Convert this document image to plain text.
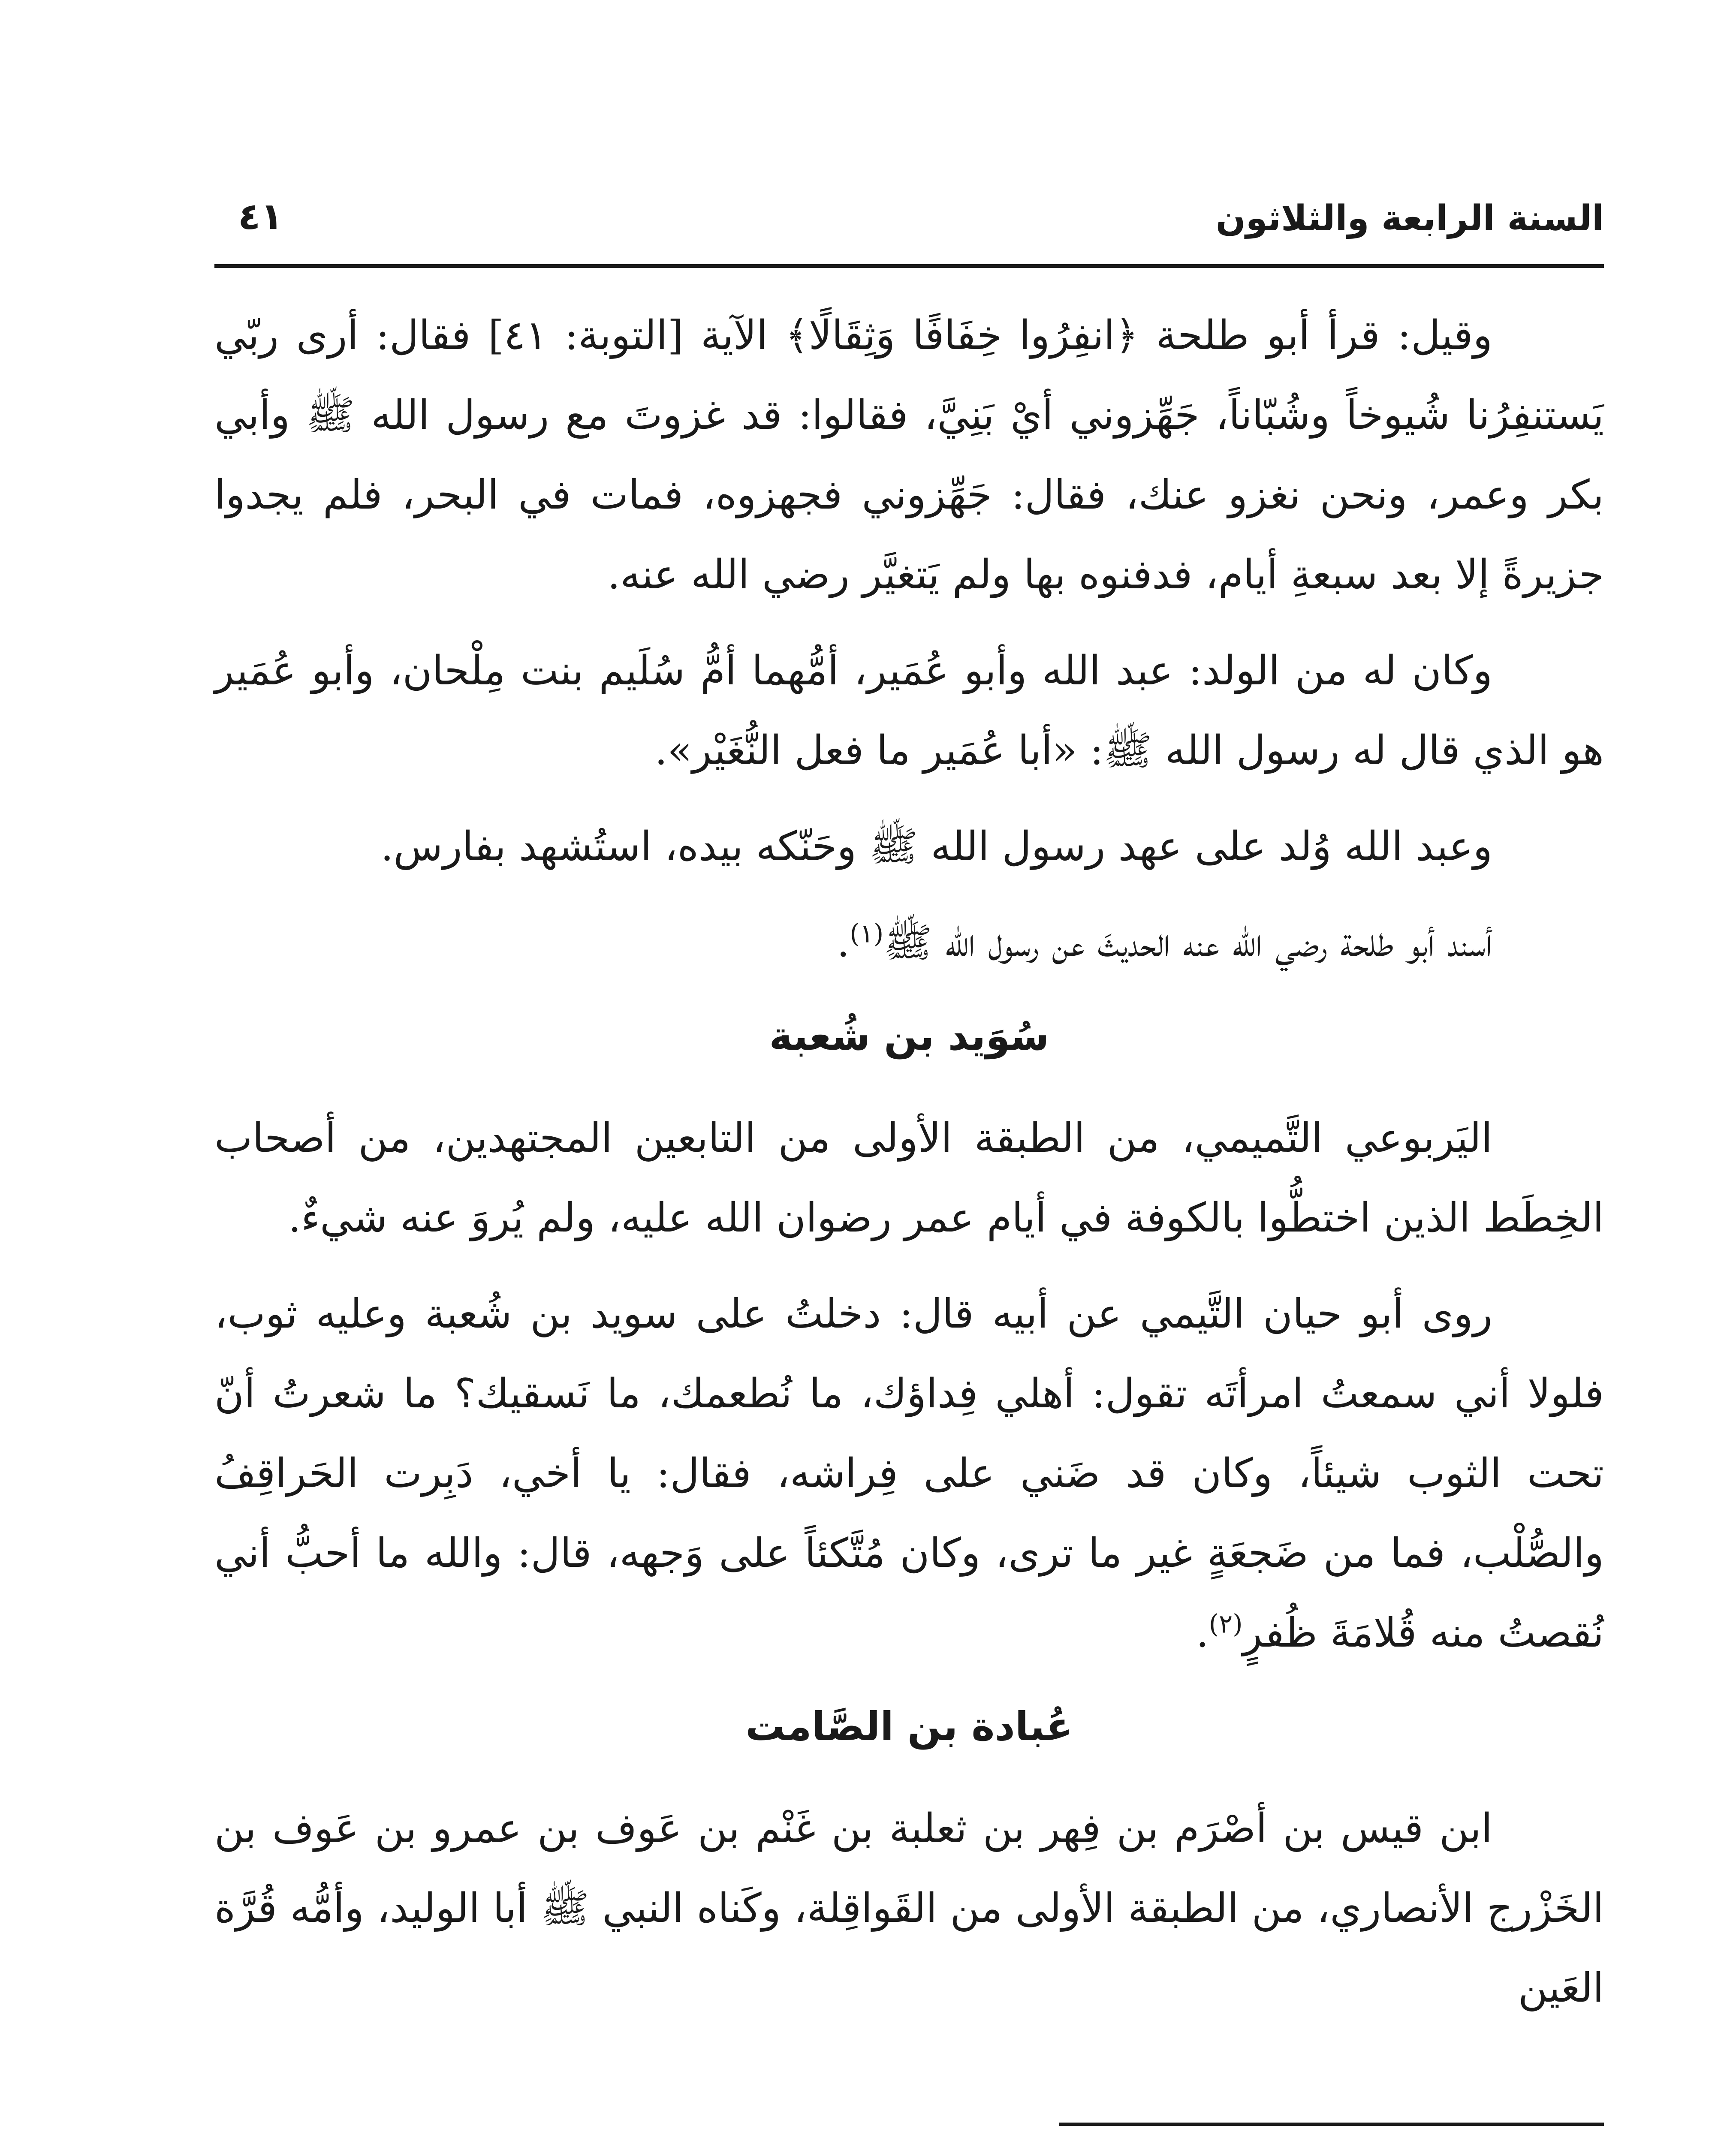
السنة الرابعة والثلاثون
٤١

وقيل: قرأ أبو طلحة ﴿انفِرُوا خِفَافًا وَثِقَالًا﴾ الآية [التوبة: ٤١] فقال: أرى ربّي يَستنفِرُنا شُيوخاً وشُبّاناً، جَهِّزوني أيْ بَنِيَّ، فقالوا: قد غزوتَ مع رسول الله ﷺ وأبي بكر وعمر، ونحن نغزو عنك، فقال: جَهِّزوني فجهزوه، فمات في البحر، فلم يجدوا جزيرةً إلا بعد سبعةِ أيام، فدفنوه بها ولم يَتغيَّر رضي الله عنه.

وكان له من الولد: عبد الله وأبو عُمَير، أمُّهما أمُّ سُلَيم بنت مِلْحان، وأبو عُمَير هو الذي قال له رسول الله ﷺ: «أبا عُمَير ما فعل النُّغَيْر».

وعبد الله وُلد على عهد رسول الله ﷺ وحَنّكه بيده، استُشهد بفارس.

أسند أبو طلحة رضي الله عنه الحديثَ عن رسول الله ﷺ$^{(١)}$.

سُوَيد بن شُعبة

اليَربوعي التَّميمي، من الطبقة الأولى من التابعين المجتهدين، من أصحاب الخِطَط الذين اختطُّوا بالكوفة في أيام عمر رضوان الله عليه، ولم يُروَ عنه شيءٌ.

روى أبو حيان التَّيمي عن أبيه قال: دخلتُ على سويد بن شُعبة وعليه ثوب، فلولا أني سمعتُ امرأتَه تقول: أهلي فِداؤك، ما نُطعمك، ما نَسقيك؟ ما شعرتُ أنّ تحت الثوب شيئاً، وكان قد ضَني على فِراشه، فقال: يا أخي، دَبِرت الحَراقِفُ والصُّلْب، فما من ضَجعَةٍ غير ما ترى، وكان مُتَّكئاً على وَجهه، قال: والله ما أحبُّ أني نُقصتُ منه قُلامَةَ ظُفرٍ$^{(٢)}$.

عُبادة بن الصَّامت

ابن قيس بن أصْرَم بن فِهر بن ثعلبة بن غَنْم بن عَوف بن عمرو بن عَوف بن الخَزْرج الأنصاري، من الطبقة الأولى من القَواقِلة، وكَناه النبي ﷺ أبا الوليد، وأمُّه قُرَّة العَين
